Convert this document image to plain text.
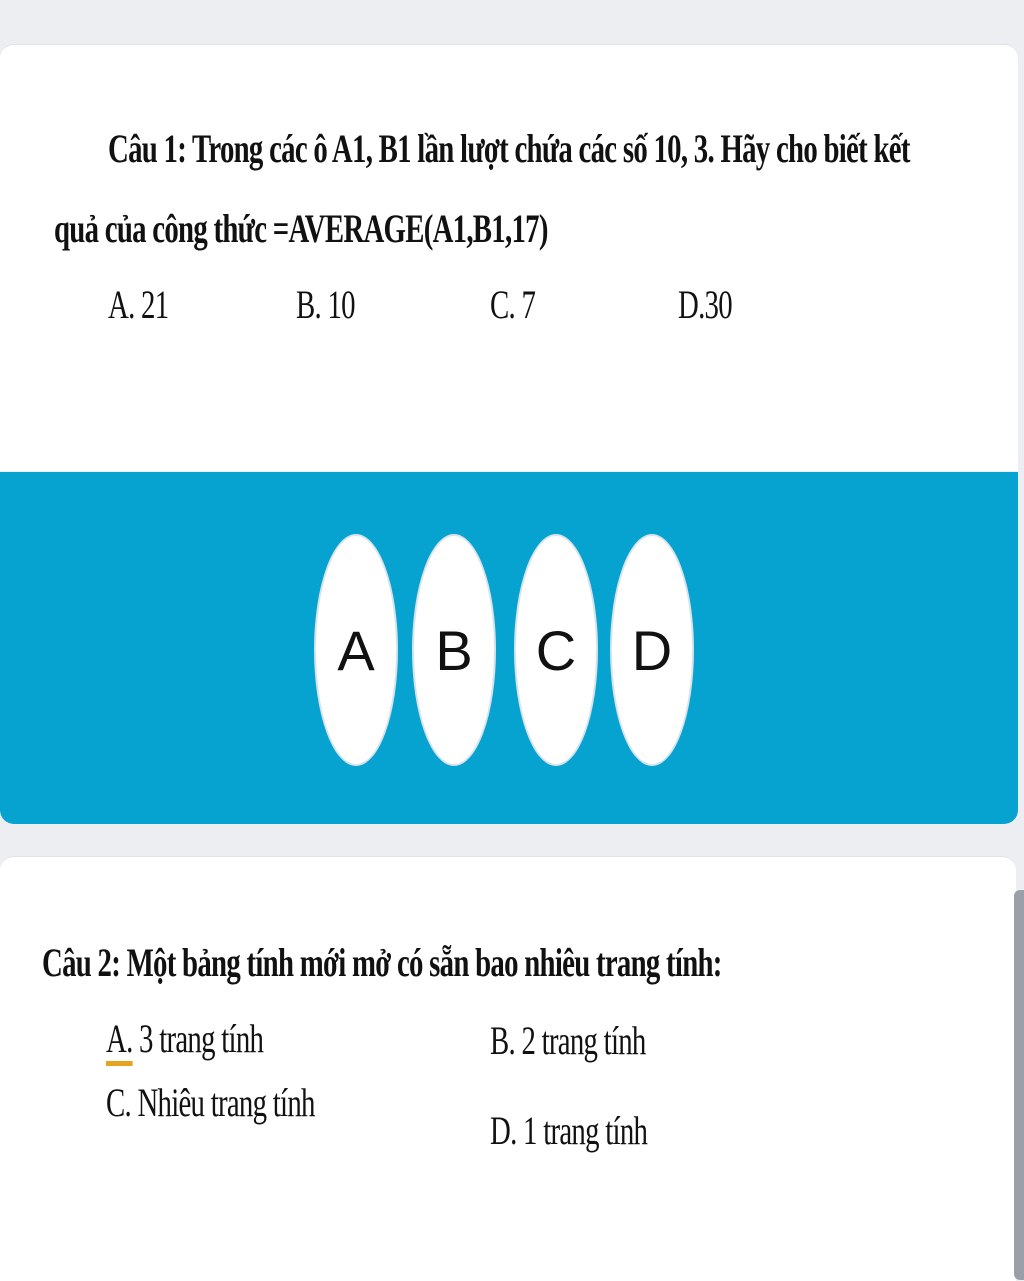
Câu 1: Trong các ô A1, B1 lần lượt chứa các số 10, 3. Hãy cho biết kết

quả của công thức =AVERAGE(A1,B1,17)

A. 21	B. 10	C. 7	D.30
A	B	C D

Câu 2: Một bảng tính mới mở có sẵn bao nhiêu trang tính:

A. 3 trang tính	B. 2 trang tính
C. Nhiêu trang tính
D. 1 trang tính
